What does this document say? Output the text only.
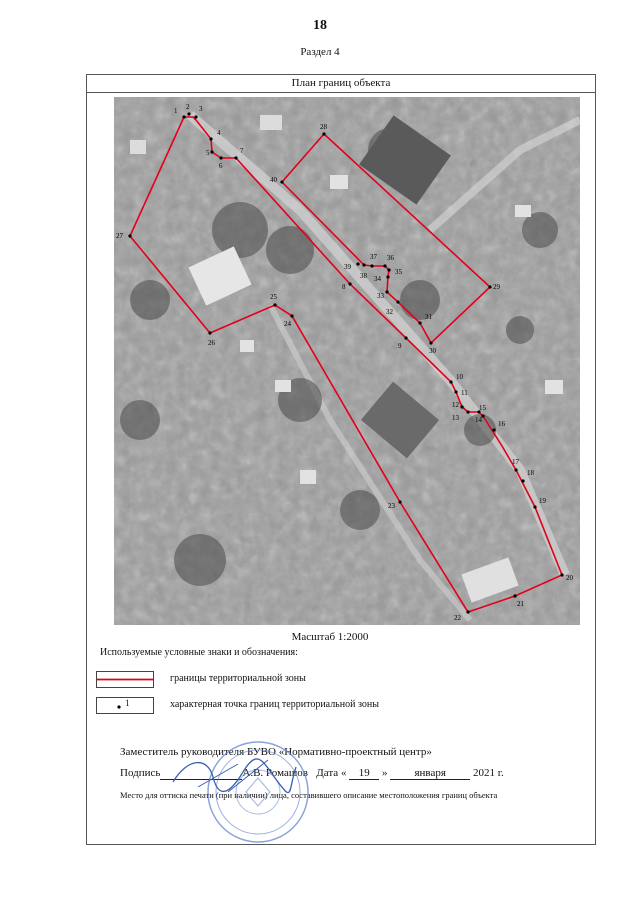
18
Раздел 4
План границ объекта
1 2 3
4
5
6
7
8
9
10
11
12
13 14
15
16
17
18
19
20
21
22
23
24
25
26
27
28
29
30
31
32
33
34
35
36
37
38
39
40
Масштаб 1:2000
Используемые условные знаки и обозначения:
границы территориальной зоны
1	характерная точка границ территориальной зоны
Заместитель руководителя БУВО «Нормативно-проектный центр»
Подпись	А.В. Ромашов Дата « 19 » января 2021 г.
Место для оттиска печати (при наличии) лица, составившего описание местоположения границ объекта
